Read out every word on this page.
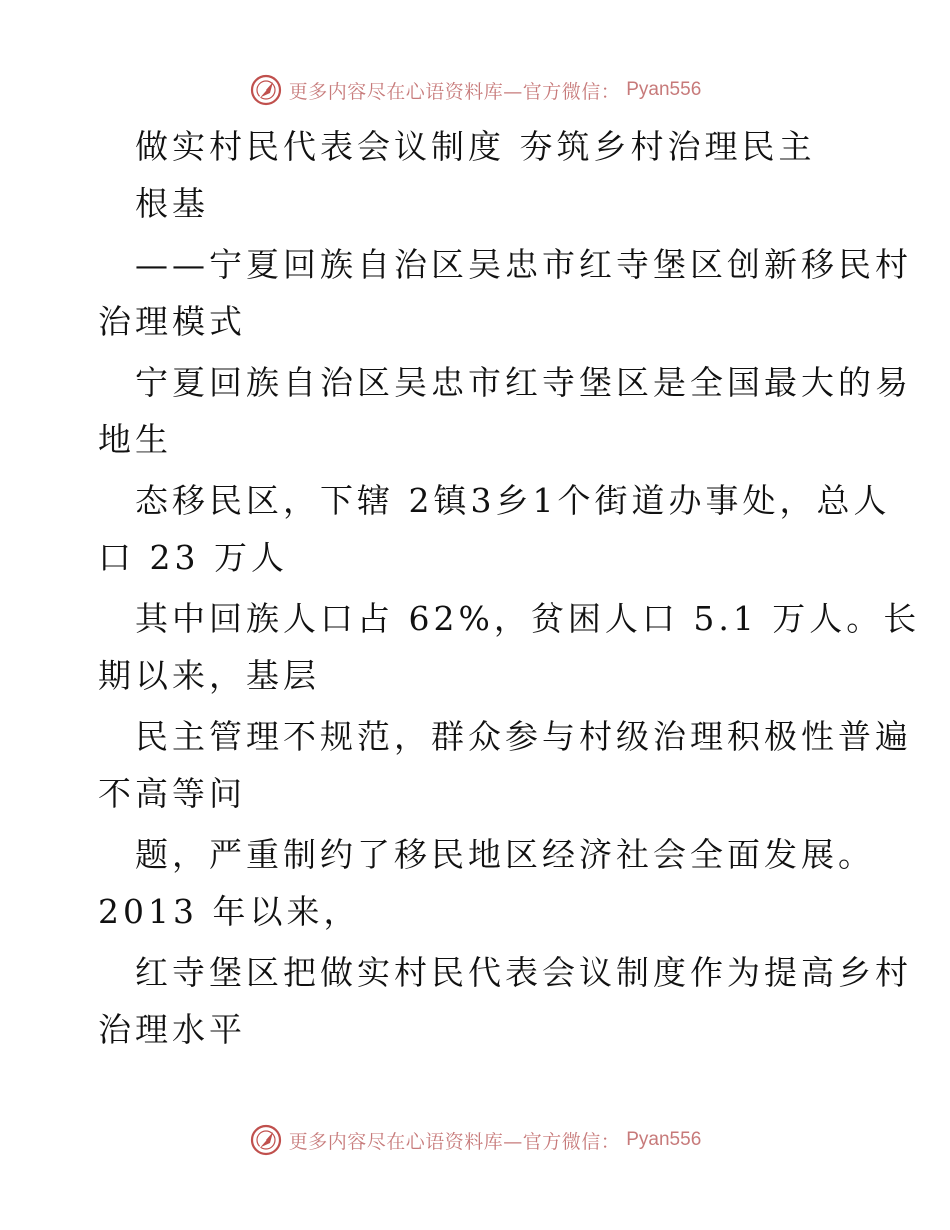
更多内容尽在心语资料库—官方微信： Pyan556
做实村民代表会议制度 夯筑乡村治理民主
根基
——宁夏回族自治区吴忠市红寺堡区创新移民村
治理模式
宁夏回族自治区吴忠市红寺堡区是全国最大的易
地生
态移民区，下辖 2镇3乡1个街道办事处，总人
口 23 万人
其中回族人口占 62%，贫困人口 5.1 万人。长
期以来，基层
民主管理不规范，群众参与村级治理积极性普遍
不高等问
题，严重制约了移民地区经济社会全面发展。
2013 年以来，
红寺堡区把做实村民代表会议制度作为提高乡村
治理水平
更多内容尽在心语资料库—官方微信： Pyan556
